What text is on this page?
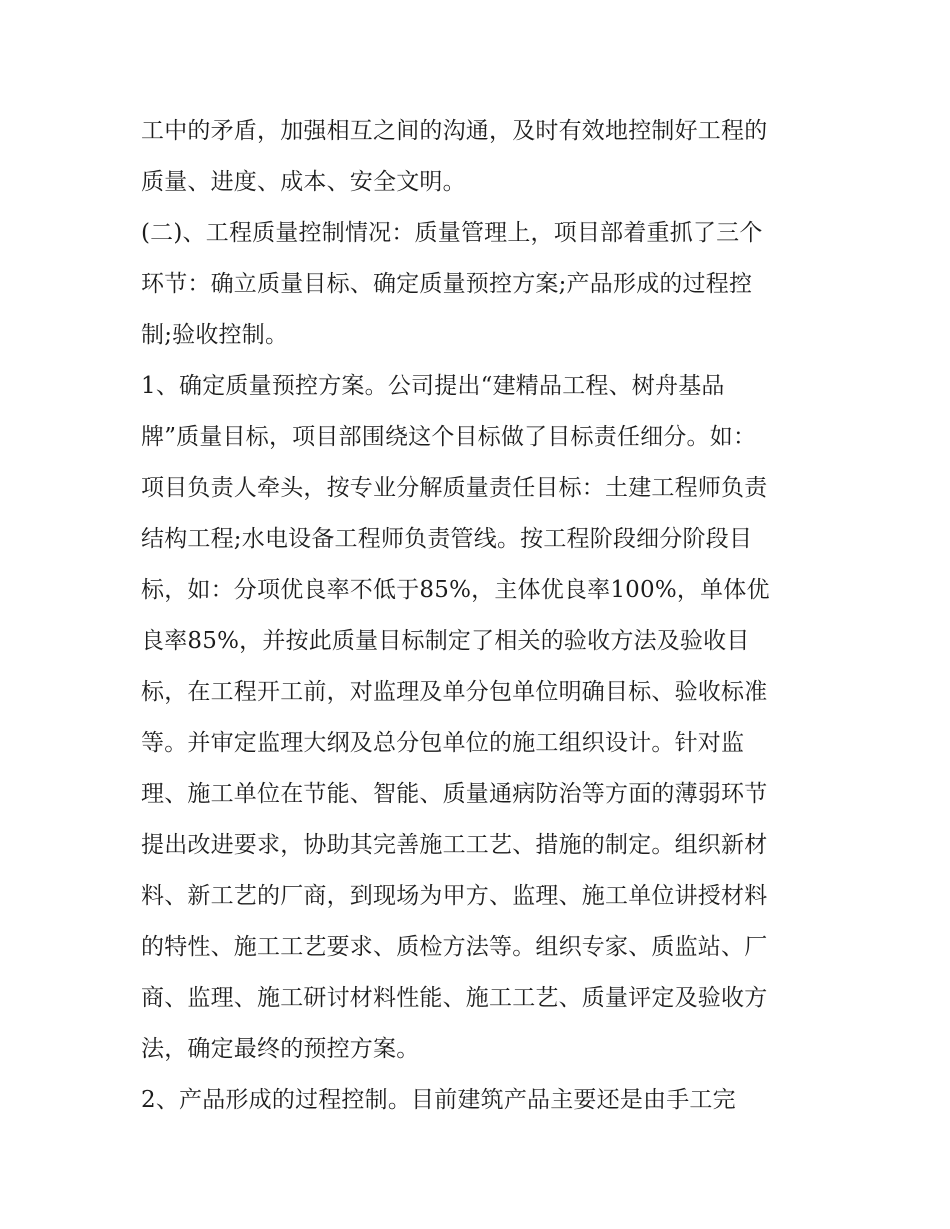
工中的矛盾，加强相互之间的沟通，及时有效地控制好工程的
质量、进度、成本、安全文明。
(二)、工程质量控制情况：质量管理上，项目部着重抓了三个
环节：确立质量目标、确定质量预控方案;产品形成的过程控
制;验收控制。
1、确定质量预控方案。公司提出“建精品工程、树舟基品
牌”质量目标，项目部围绕这个目标做了目标责任细分。如：
项目负责人牵头，按专业分解质量责任目标：土建工程师负责
结构工程;水电设备工程师负责管线。按工程阶段细分阶段目
标，如：分项优良率不低于85%，主体优良率100%，单体优
良率85%，并按此质量目标制定了相关的验收方法及验收目
标，在工程开工前，对监理及单分包单位明确目标、验收标准
等。并审定监理大纲及总分包单位的施工组织设计。针对监
理、施工单位在节能、智能、质量通病防治等方面的薄弱环节
提出改进要求，协助其完善施工工艺、措施的制定。组织新材
料、新工艺的厂商，到现场为甲方、监理、施工单位讲授材料
的特性、施工工艺要求、质检方法等。组织专家、质监站、厂
商、监理、施工研讨材料性能、施工工艺、质量评定及验收方
法，确定最终的预控方案。
2、产品形成的过程控制。目前建筑产品主要还是由手工完
